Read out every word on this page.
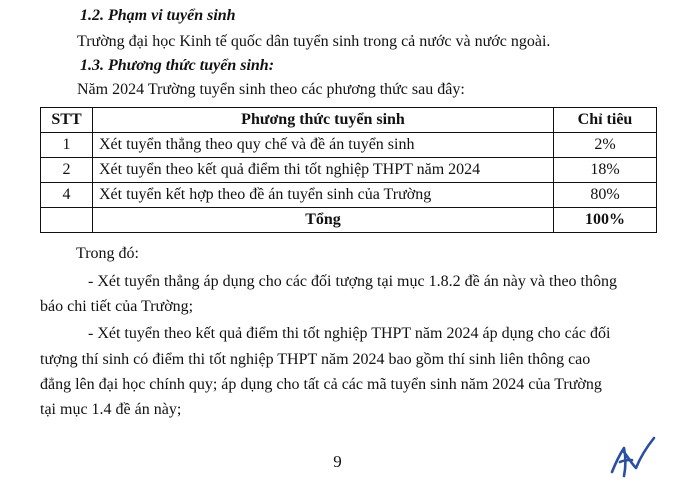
1.2. Phạm vi tuyển sinh
Trường đại học Kinh tế quốc dân tuyển sinh trong cả nước và nước ngoài.
1.3. Phương thức tuyển sinh:
Năm 2024 Trường tuyển sinh theo các phương thức sau đây:
STT	Phương thức tuyển sinh	Chỉ tiêu
1	Xét tuyển thẳng theo quy chế và đề án tuyển sinh	2%
2	Xét tuyển theo kết quả điểm thi tốt nghiệp THPT năm 2024	18%
4	Xét tuyển kết hợp theo đề án tuyển sinh của Trường	80%
	Tổng	100%
Trong đó:
- Xét tuyển thẳng áp dụng cho các đối tượng tại mục 1.8.2 đề án này và theo thông
báo chi tiết của Trường;
- Xét tuyển theo kết quả điểm thi tốt nghiệp THPT năm 2024 áp dụng cho các đối
tượng thí sinh có điểm thi tốt nghiệp THPT năm 2024 bao gồm thí sinh liên thông cao
đẳng lên đại học chính quy; áp dụng cho tất cả các mã tuyển sinh năm 2024 của Trường
tại mục 1.4 đề án này;
9
